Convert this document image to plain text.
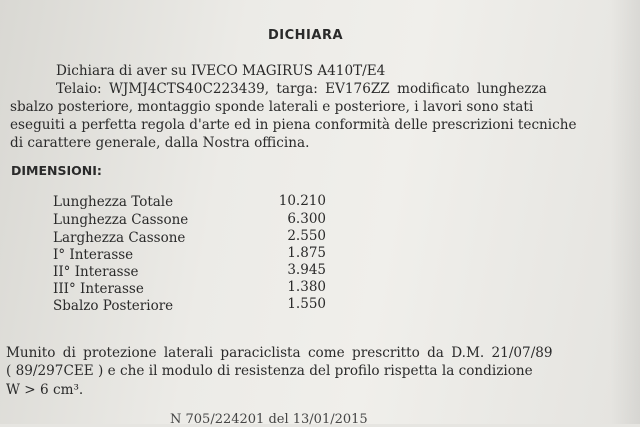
DICHIARA
Dichiara di aver su IVECO MAGIRUS A410T/E4
Telaio: WJMJ4CTS40C223439, targa: EV176ZZ modificato lunghezza
sbalzo posteriore, montaggio sponde laterali e posteriore, i lavori sono stati
eseguiti a perfetta regola d'arte ed in piena conformità delle prescrizioni tecniche
di carattere generale, dalla Nostra officina.
DIMENSIONI:
Lunghezza Totale	10.210
Lunghezza Cassone	6.300
Larghezza Cassone	2.550
I° Interasse	1.875
II° Interasse	3.945
III° Interasse	1.380
Sbalzo Posteriore	1.550
Munito di protezione laterali paraciclista come prescritto da D.M. 21/07/89
( 89/297CEE ) e che il modulo di resistenza del profilo rispetta la condizione
W > 6 cm³.
N 705/224201 del 13/01/2015
